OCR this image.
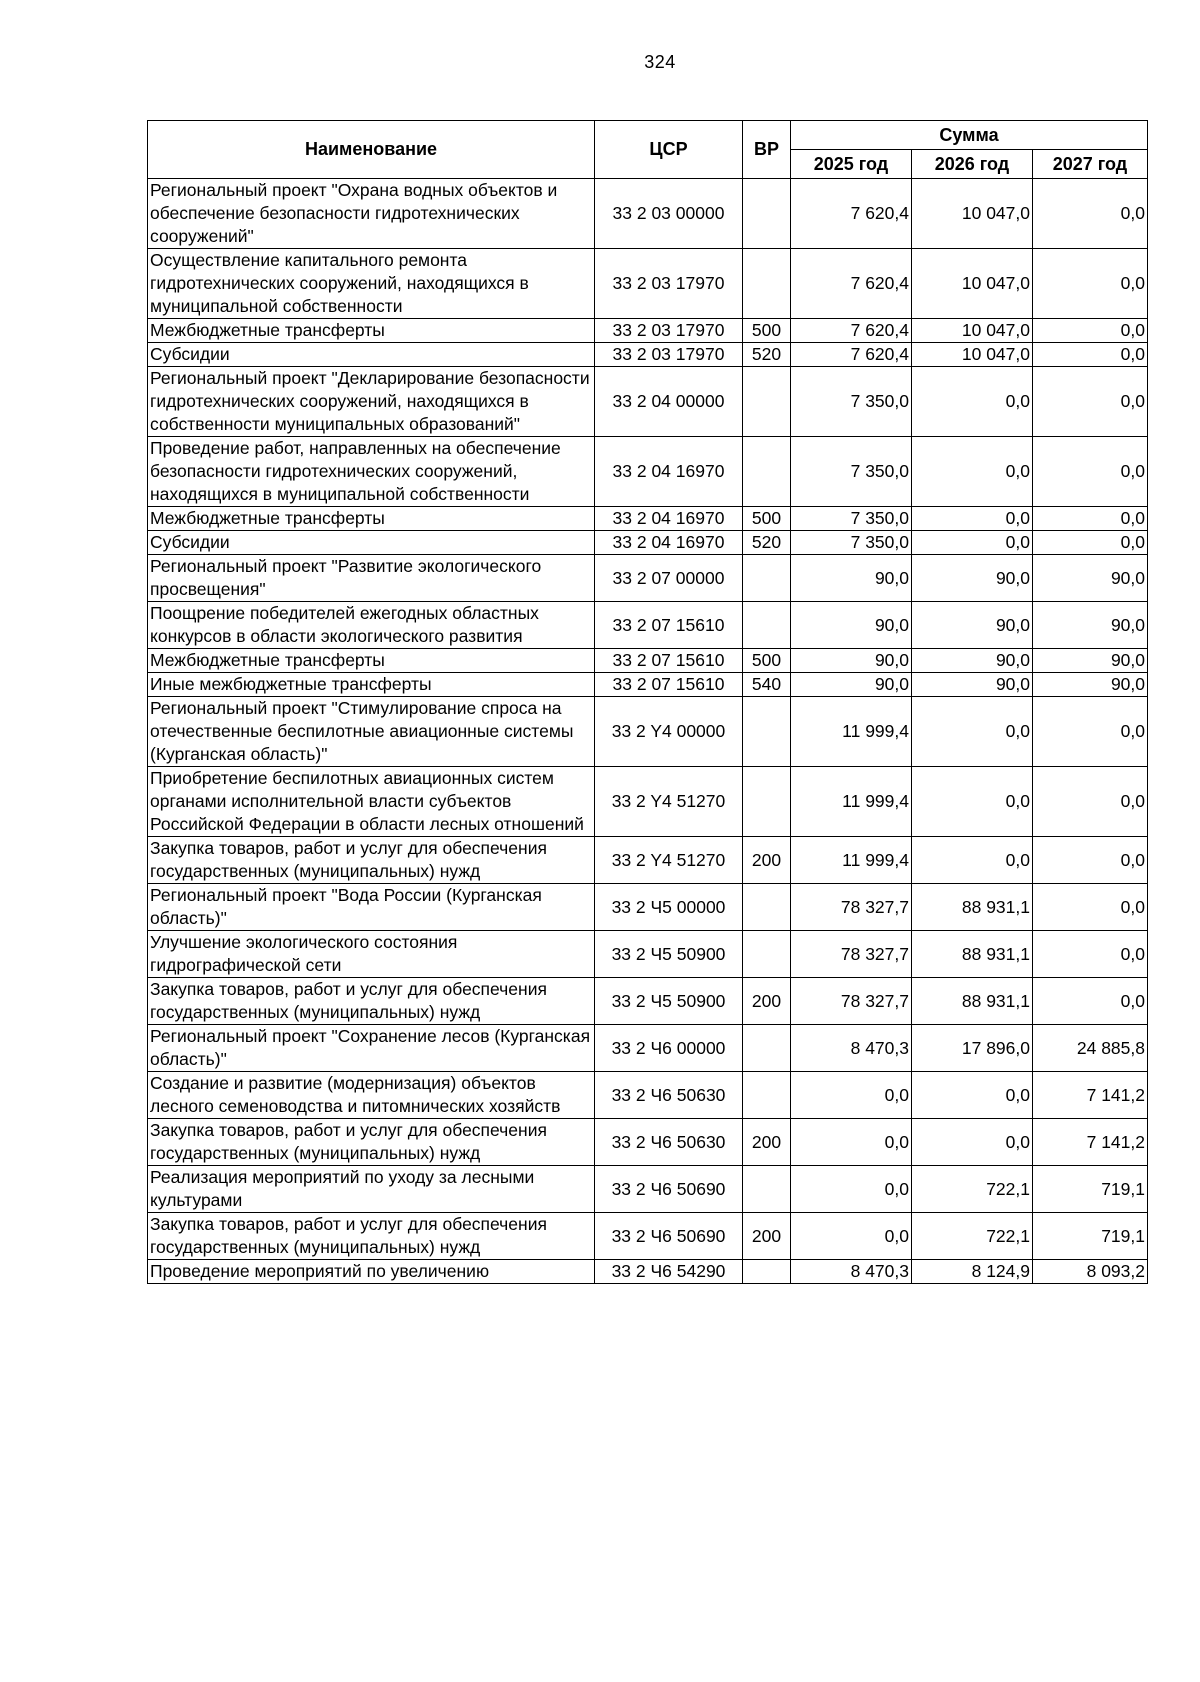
324
Наименование	ЦСР	ВР	Сумма		
			2025 год	2026 год	2027 год
Региональный проект "Охрана водных объектов и обеспечение безопасности гидротехнических сооружений"	33 2 03 00000		7 620,4	10 047,0	0,0
Осуществление капитального ремонта гидротехнических сооружений, находящихся в муниципальной собственности	33 2 03 17970		7 620,4	10 047,0	0,0
Межбюджетные трансферты	33 2 03 17970	500	7 620,4	10 047,0	0,0
Субсидии	33 2 03 17970	520	7 620,4	10 047,0	0,0
Региональный проект "Декларирование безопасности гидротехнических сооружений, находящихся в собственности муниципальных образований"	33 2 04 00000		7 350,0	0,0	0,0
Проведение работ, направленных на обеспечение безопасности гидротехнических сооружений, находящихся в муниципальной собственности	33 2 04 16970		7 350,0	0,0	0,0
Межбюджетные трансферты	33 2 04 16970	500	7 350,0	0,0	0,0
Субсидии	33 2 04 16970	520	7 350,0	0,0	0,0
Региональный проект "Развитие экологического просвещения"	33 2 07 00000		90,0	90,0	90,0
Поощрение победителей ежегодных областных конкурсов в области экологического развития	33 2 07 15610		90,0	90,0	90,0
Межбюджетные трансферты	33 2 07 15610	500	90,0	90,0	90,0
Иные межбюджетные трансферты	33 2 07 15610	540	90,0	90,0	90,0
Региональный проект "Стимулирование спроса на отечественные беспилотные авиационные системы (Курганская область)"	33 2 Y4 00000		11 999,4	0,0	0,0
Приобретение беспилотных авиационных систем органами исполнительной власти субъектов Российской Федерации в области лесных отношений	33 2 Y4 51270		11 999,4	0,0	0,0
Закупка товаров, работ и услуг для обеспечения государственных (муниципальных) нужд	33 2 Y4 51270	200	11 999,4	0,0	0,0
Региональный проект "Вода России (Курганская область)"	33 2 Ч5 00000		78 327,7	88 931,1	0,0
Улучшение экологического состояния гидрографической сети	33 2 Ч5 50900		78 327,7	88 931,1	0,0
Закупка товаров, работ и услуг для обеспечения государственных (муниципальных) нужд	33 2 Ч5 50900	200	78 327,7	88 931,1	0,0
Региональный проект "Сохранение лесов (Курганская область)"	33 2 Ч6 00000		8 470,3	17 896,0	24 885,8
Создание и развитие (модернизация) объектов лесного семеноводства и питомнических хозяйств	33 2 Ч6 50630		0,0	0,0	7 141,2
Закупка товаров, работ и услуг для обеспечения государственных (муниципальных) нужд	33 2 Ч6 50630	200	0,0	0,0	7 141,2
Реализация мероприятий по уходу за лесными культурами	33 2 Ч6 50690		0,0	722,1	719,1
Закупка товаров, работ и услуг для обеспечения государственных (муниципальных) нужд	33 2 Ч6 50690	200	0,0	722,1	719,1
Проведение мероприятий по увеличению	33 2 Ч6 54290		8 470,3	8 124,9	8 093,2
